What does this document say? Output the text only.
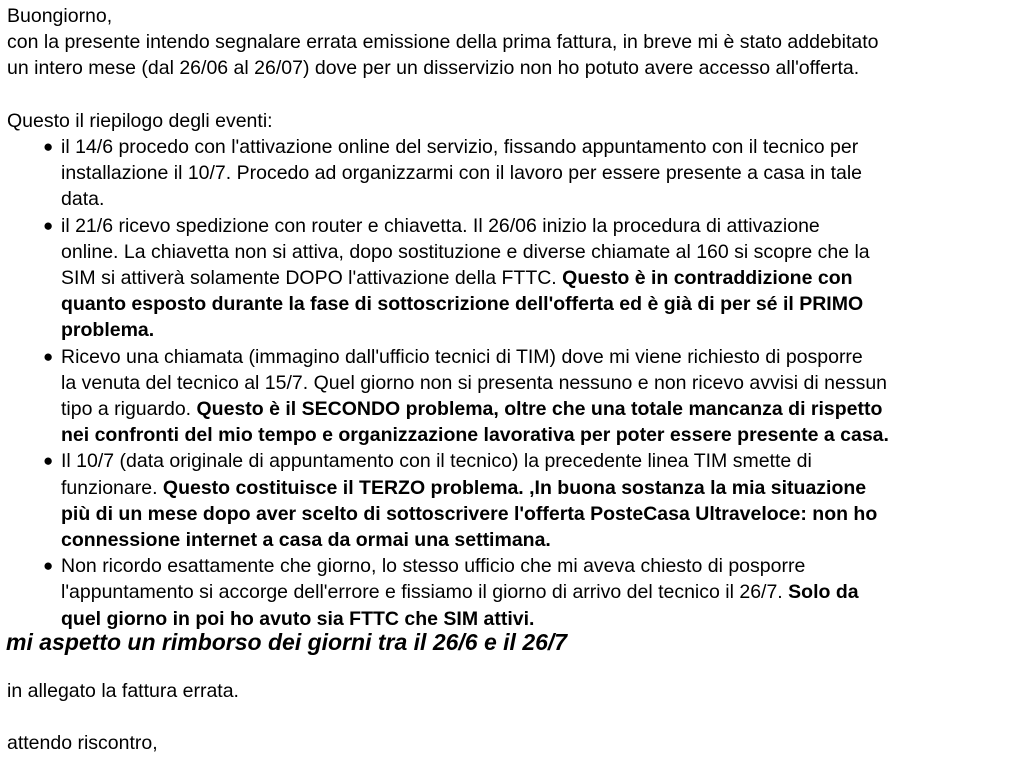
Buongiorno,
con la presente intendo segnalare errata emissione della prima fattura, in breve mi è stato addebitato
un intero mese (dal 26/06 al 26/07) dove per un disservizio non ho potuto avere accesso all'offerta.
Questo il riepilogo degli eventi:
● il 14/6 procedo con l'attivazione online del servizio, fissando appuntamento con il tecnico per
installazione il 10/7. Procedo ad organizzarmi con il lavoro per essere presente a casa in tale
data.
● il 21/6 ricevo spedizione con router e chiavetta. Il 26/06 inizio la procedura di attivazione
online. La chiavetta non si attiva, dopo sostituzione e diverse chiamate al 160 si scopre che la
SIM si attiverà solamente DOPO l'attivazione della FTTC. Questo è in contraddizione con
quanto esposto durante la fase di sottoscrizione dell'offerta ed è già di per sé il PRIMO
problema.
● Ricevo una chiamata (immagino dall'ufficio tecnici di TIM) dove mi viene richiesto di posporre
la venuta del tecnico al 15/7. Quel giorno non si presenta nessuno e non ricevo avvisi di nessun
tipo a riguardo. Questo è il SECONDO problema, oltre che una totale mancanza di rispetto
nei confronti del mio tempo e organizzazione lavorativa per poter essere presente a casa.
● Il 10/7 (data originale di appuntamento con il tecnico) la precedente linea TIM smette di
funzionare. Questo costituisce il TERZO problema. ,In buona sostanza la mia situazione
più di un mese dopo aver scelto di sottoscrivere l'offerta PosteCasa Ultraveloce: non ho
connessione internet a casa da ormai una settimana.
● Non ricordo esattamente che giorno, lo stesso ufficio che mi aveva chiesto di posporre
l'appuntamento si accorge dell'errore e fissiamo il giorno di arrivo del tecnico il 26/7. Solo da
quel giorno in poi ho avuto sia FTTC che SIM attivi.
mi aspetto un rimborso dei giorni tra il 26/6 e il 26/7
in allegato la fattura errata.
attendo riscontro,
